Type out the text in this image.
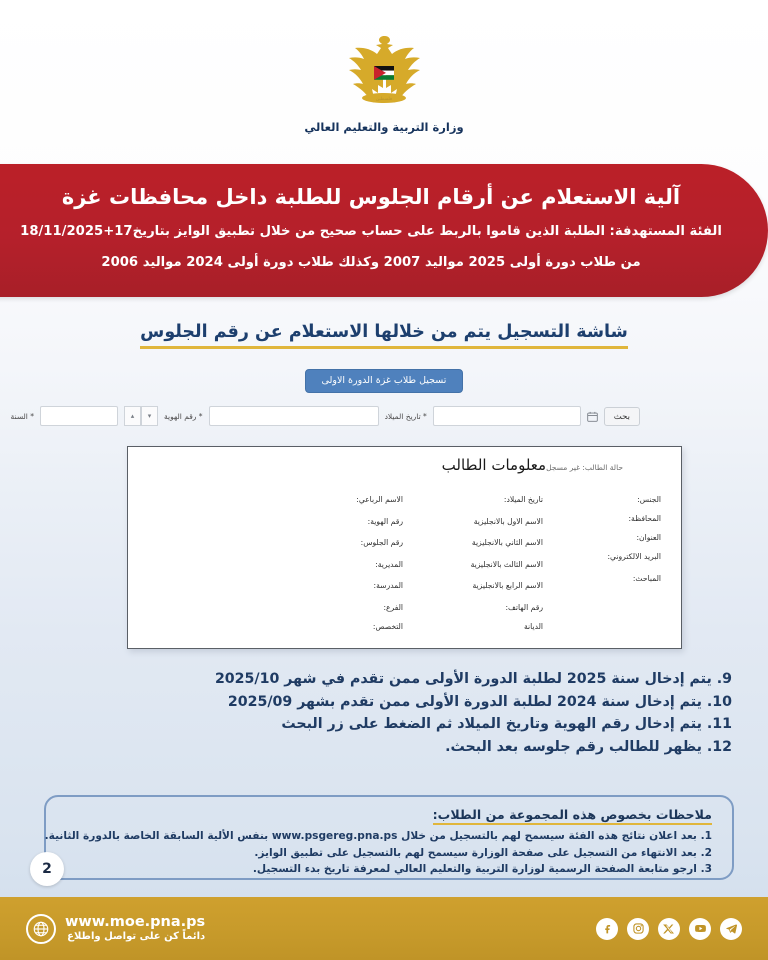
فلسطين
وزارة التربية والتعليم العالي
آلية الاستعلام عن أرقام الجلوس للطلبة داخل محافظات غزة
الفئة المستهدفة: الطلبة الذين قاموا بالربط على حساب صحيح من خلال تطبيق الوايز بتاريخ17+18/11/2025
من طلاب دورة أولى 2025 مواليد 2007 وكذلك طلاب دورة أولى 2024 مواليد 2006
شاشة التسجيل يتم من خلالها الاستعلام عن رقم الجلوس
تسجيل طلاب غزة الدورة الاولى
بحث
* تاريخ الميلاد
* رقم الهوية
▾
▴
* السنة
حالة الطالب: غير مسجل
معلومات الطالب
الجنس:
المحافظة:
العنوان:
البريد الالكتروني:
المباحث:
تاريخ الميلاد:
الاسم الاول بالانجليزية
الاسم الثاني بالانجليزية
الاسم الثالث بالانجليزية
الاسم الرابع بالانجليزية
رقم الهاتف:
الديانة
الاسم الرباعي:
رقم الهوية:
رقم الجلوس:
المديرية:
المدرسة:
الفرع:
التخصص:
9. يتم إدخال سنة 2025 لطلبة الدورة الأولى ممن تقدم في شهر 2025/10
10. يتم إدخال سنة 2024 لطلبة الدورة الأولى ممن تقدم بشهر 2025/09
11. يتم إدخال رقم الهوية وتاريخ الميلاد ثم الضغط على زر البحث
12. يظهر للطالب رقم جلوسه بعد البحث.
ملاحظات بخصوص هذه المجموعة من الطلاب:
1. بعد اعلان نتائج هذه الفئة سيسمح لهم بالتسجيل من خلال www.psgereg.pna.ps بنفس الألية السابقة الخاصة بالدورة الثانية.
2. بعد الانتهاء من التسجيل على صفحة الوزارة سيسمح لهم بالتسجيل على تطبيق الوايز.
3. ارجو متابعة الصفحة الرسمية لوزارة التربية والتعليم العالي لمعرفة تاريخ بدء التسجيل.
2
www.moe.pna.ps
دائماً كن على تواصل واطلاع
